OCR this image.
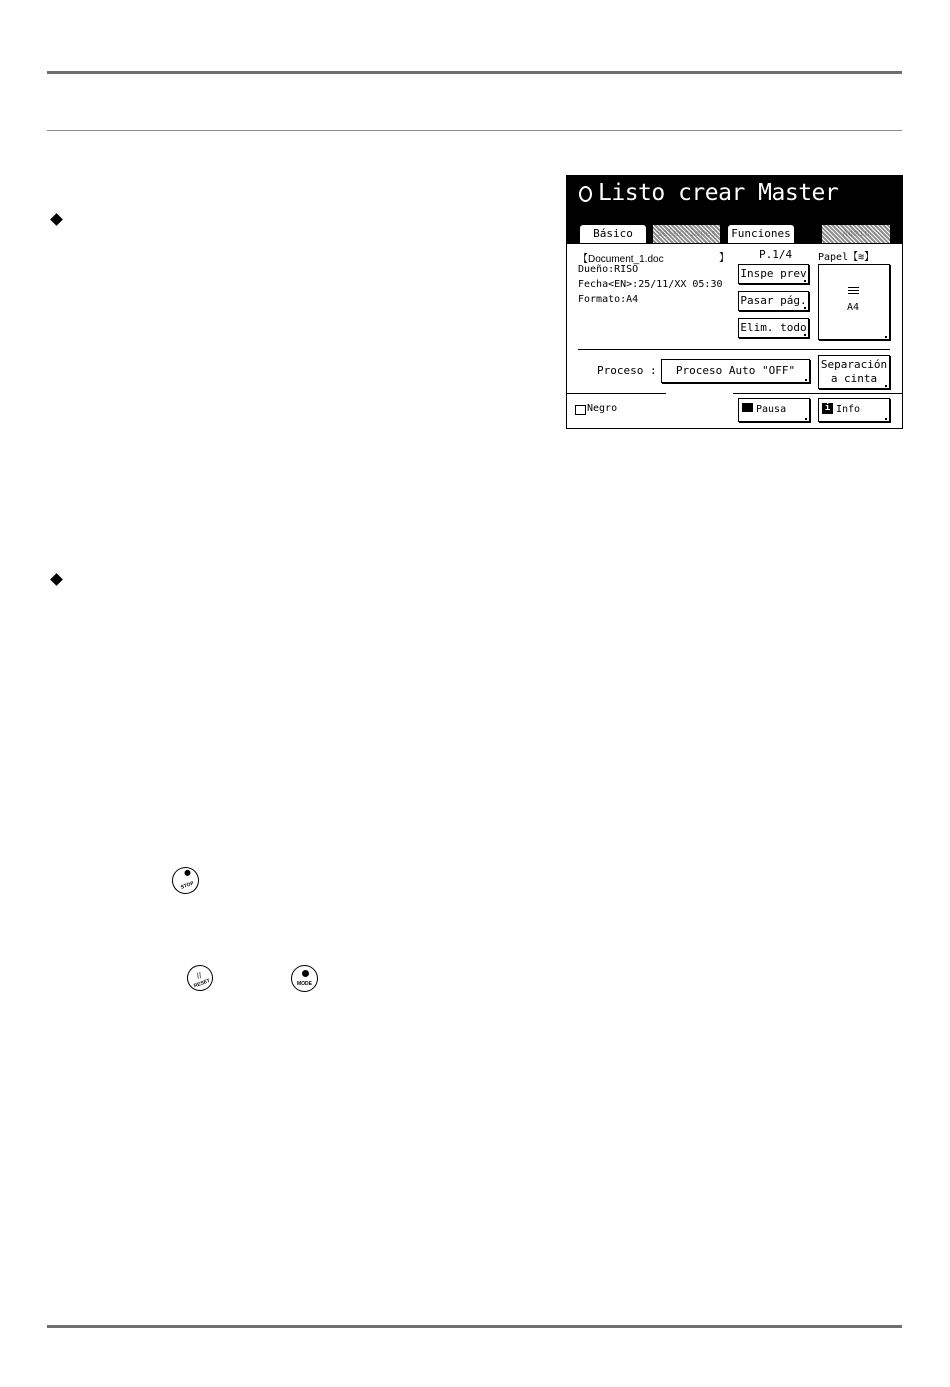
Listo crear Master
Básico	Selecciones	Funciones	Admin
【Document_1.doc	】
Dueño:RISO
Fecha<EN>:25/11/XX 05:30
Formato:A4
P.1/4
Inspe prev
Pasar pág.
Elim. todo
Papel【≋】
A4
Proceso :	Proceso Auto "OFF"	Separación
a cinta
Negro	Pausa	i Info
STOP
//
RESET	MODE
